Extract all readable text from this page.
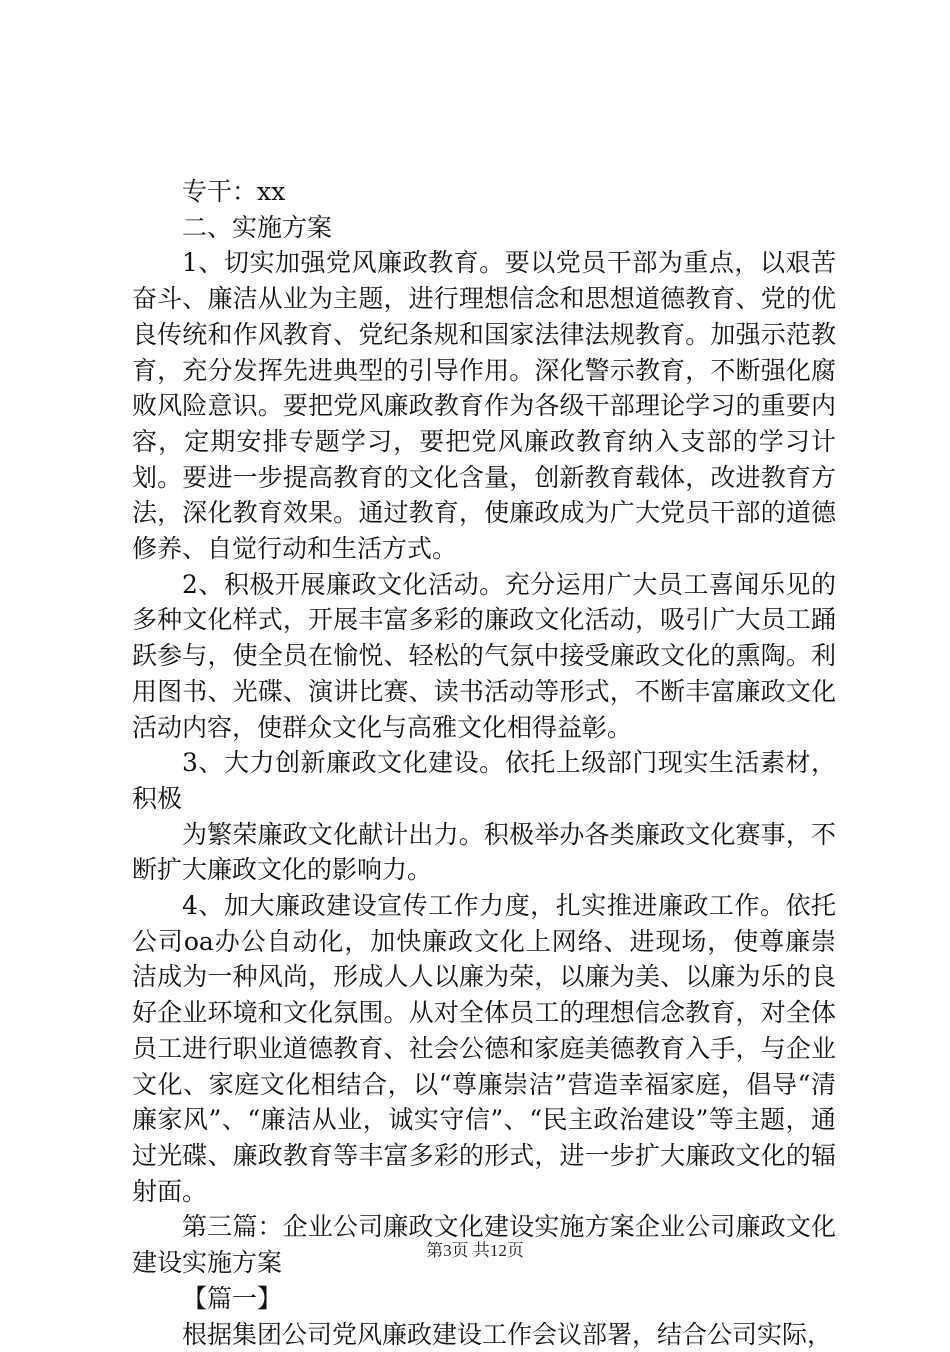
专干：xx

二、实施方案

1、切实加强党风廉政教育。要以党员干部为重点，以艰苦奋斗、廉洁从业为主题，进行理想信念和思想道德教育、党的优良传统和作风教育、党纪条规和国家法律法规教育。加强示范教育，充分发挥先进典型的引导作用。深化警示教育，不断强化腐败风险意识。要把党风廉政教育作为各级干部理论学习的重要内容，定期安排专题学习，要把党风廉政教育纳入支部的学习计划。要进一步提高教育的文化含量，创新教育载体，改进教育方法，深化教育效果。通过教育，使廉政成为广大党员干部的道德修养、自觉行动和生活方式。

2、积极开展廉政文化活动。充分运用广大员工喜闻乐见的多种文化样式，开展丰富多彩的廉政文化活动，吸引广大员工踊跃参与，使全员在愉悦、轻松的气氛中接受廉政文化的熏陶。利用图书、光碟、演讲比赛、读书活动等形式，不断丰富廉政文化活动内容，使群众文化与高雅文化相得益彰。

3、大力创新廉政文化建设。依托上级部门现实生活素材，积极

为繁荣廉政文化献计出力。积极举办各类廉政文化赛事，不断扩大廉政文化的影响力。

4、加大廉政建设宣传工作力度，扎实推进廉政工作。依托公司oa办公自动化，加快廉政文化上网络、进现场，使尊廉崇洁成为一种风尚，形成人人以廉为荣，以廉为美、以廉为乐的良好企业环境和文化氛围。从对全体员工的理想信念教育，对全体员工进行职业道德教育、社会公德和家庭美德教育入手，与企业文化、家庭文化相结合，以“尊廉崇洁”营造幸福家庭，倡导“清廉家风”、“廉洁从业，诚实守信”、“民主政治建设”等主题，通过光碟、廉政教育等丰富多彩的形式，进一步扩大廉政文化的辐射面。

第三篇：企业公司廉政文化建设实施方案企业公司廉政文化建设实施方案

【篇一】

根据集团公司党风廉政建设工作会议部署，结合公司实际，

第3页 共12页
